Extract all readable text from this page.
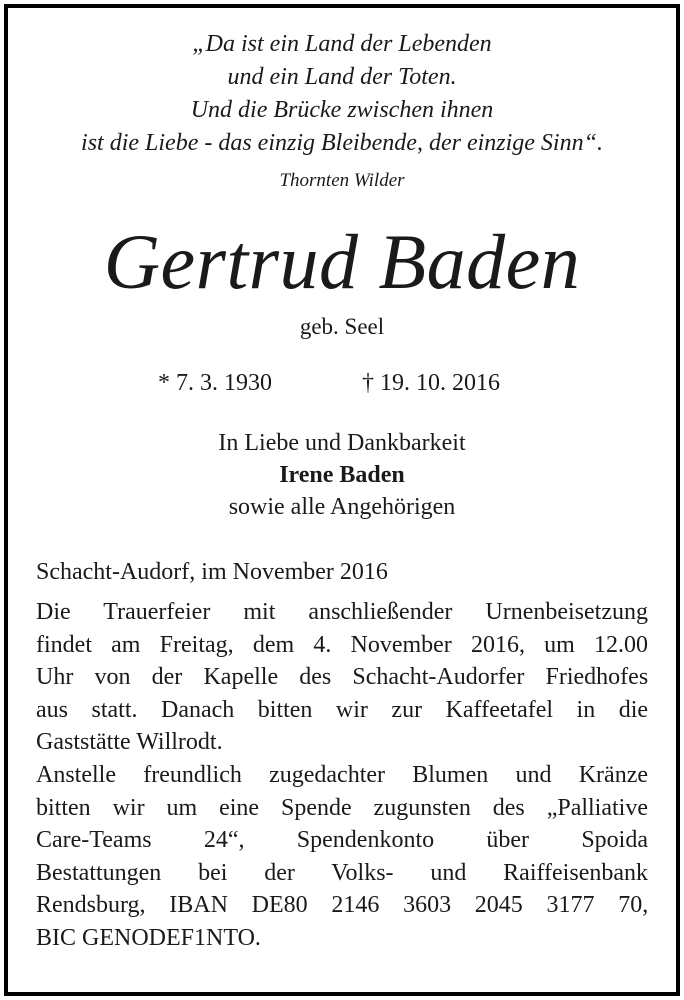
„Da ist ein Land der Lebenden
und ein Land der Toten.
Und die Brücke zwischen ihnen
ist die Liebe - das einzig Bleibende, der einzige Sinn“.
Thornten Wilder
Gertrud Baden
geb. Seel
* 7. 3. 1930	† 19. 10. 2016
In Liebe und Dankbarkeit
Irene Baden
sowie alle Angehörigen
Schacht-Audorf, im November 2016
Die Trauerfeier mit anschließender Urnenbeisetzung
findet am Freitag, dem 4. November 2016, um 12.00
Uhr von der Kapelle des Schacht-Audorfer Friedhofes
aus statt. Danach bitten wir zur Kaffeetafel in die
Gaststätte Willrodt.
Anstelle freundlich zugedachter Blumen und Kränze
bitten wir um eine Spende zugunsten des „Palliative
Care-Teams 24“, Spendenkonto über Spoida
Bestattungen bei der Volks- und Raiffeisenbank
Rendsburg, IBAN DE80 2146 3603 2045 3177 70,
BIC GENODEF1NTO.
